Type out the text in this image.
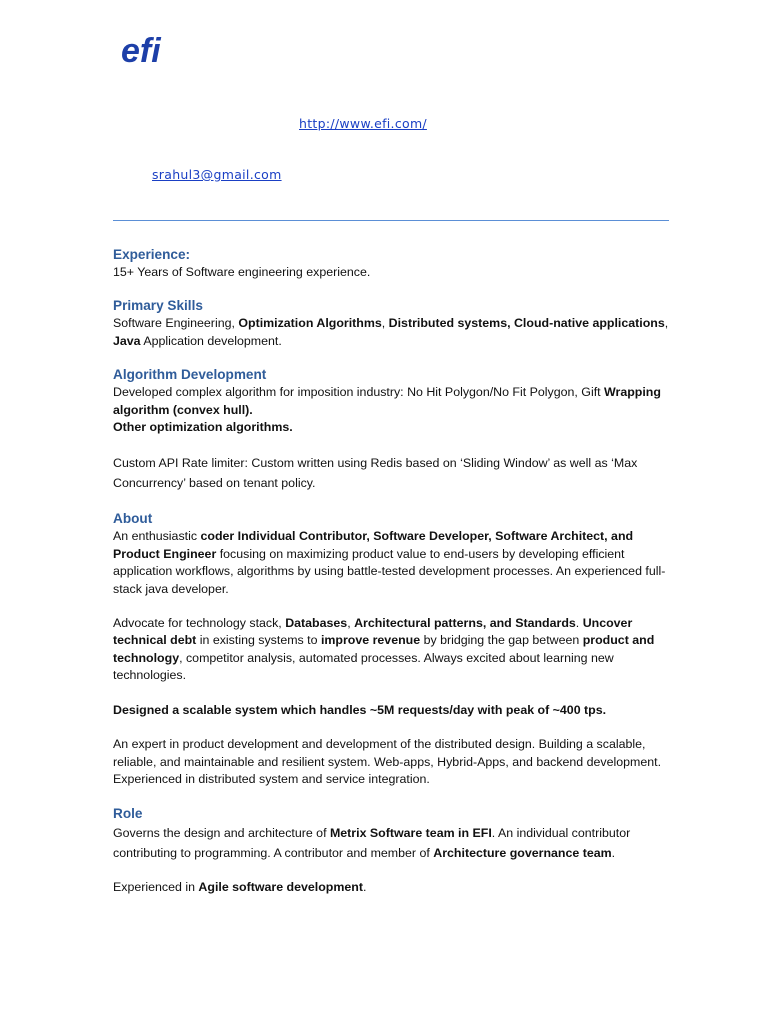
efi
http://www.efi.com/
srahul3@gmail.com
Experience:

15+ Years of Software engineering experience.

Primary Skills

Software Engineering, Optimization Algorithms, Distributed systems, Cloud-native applications, Java Application development.

Algorithm Development

Developed complex algorithm for imposition industry: No Hit Polygon/No Fit Polygon, Gift Wrapping algorithm (convex hull).
Other optimization algorithms.

Custom API Rate limiter: Custom written using Redis based on ‘Sliding Window’ as well as ‘Max Concurrency’ based on tenant policy.

About

An enthusiastic coder Individual Contributor, Software Developer, Software Architect, and Product Engineer focusing on maximizing product value to end-users by developing efficient application workflows, algorithms by using battle-tested development processes. An experienced full-stack java developer.

Advocate for technology stack, Databases, Architectural patterns, and Standards. Uncover technical debt in existing systems to improve revenue by bridging the gap between product and technology, competitor analysis, automated processes. Always excited about learning new technologies.

Designed a scalable system which handles ~5M requests/day with peak of ~400 tps.

An expert in product development and development of the distributed design. Building a scalable, reliable, and maintainable and resilient system. Web-apps, Hybrid-Apps, and backend development. Experienced in distributed system and service integration.

Role

Governs the design and architecture of Metrix Software team in EFI. An individual contributor contributing to programming. A contributor and member of Architecture governance team.

Experienced in Agile software development.
